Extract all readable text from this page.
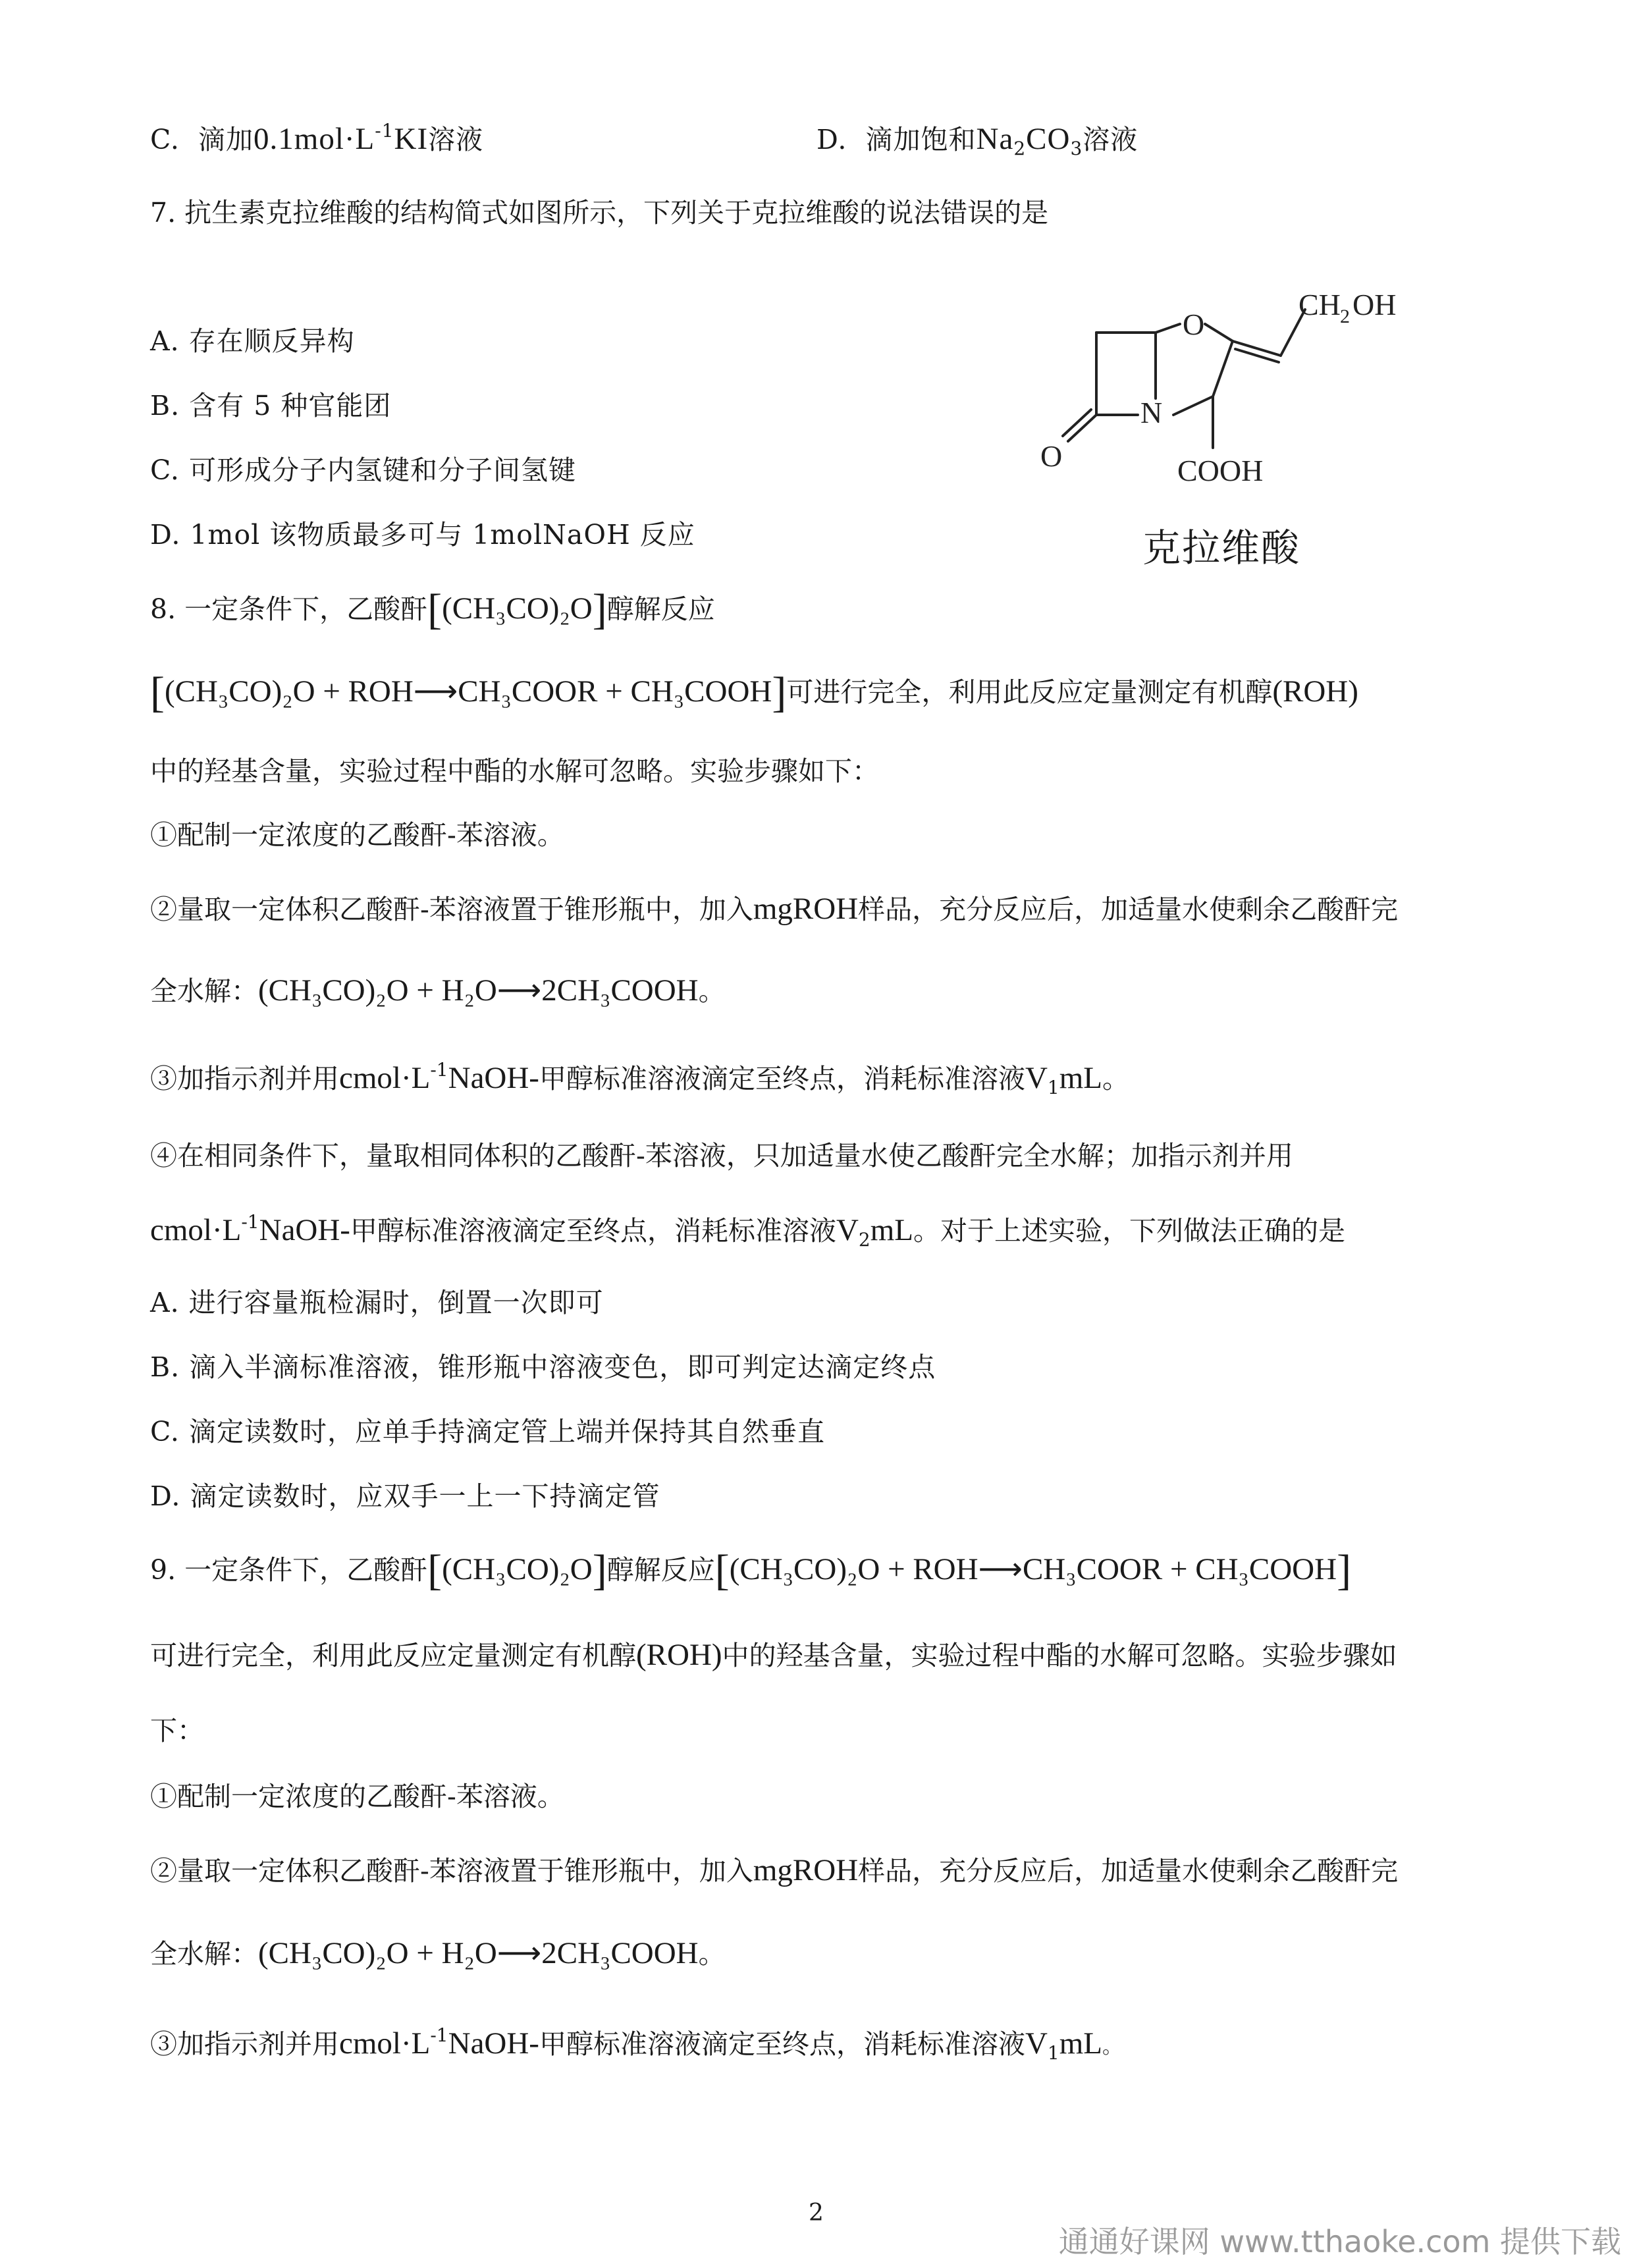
C. 滴加$0.1mol\cdot L^{-1}KI$溶液	D. 滴加饱和$Na_2CO_3$溶液
7. 抗生素克拉维酸的结构简式如图所示，下列关于克拉维酸的说法错误的是
A. 存在顺反异构
B. 含有 5 种官能团
C. 可形成分子内氢键和分子间氢键
D. 1mol 该物质最多可与 1molNaOH 反应
O
N
O
CH 2 OH
COOH
克拉维酸
8. 一定条件下，乙酸酐[(CH₃CO)₂O]醇解反应
[(CH₃CO)₂O + ROH⟶CH₃COOR + CH₃COOH]可进行完全，利用此反应定量测定有机醇(ROH)
中的羟基含量，实验过程中酯的水解可忽略。实验步骤如下：
①配制一定浓度的乙酸酐-苯溶液。
②量取一定体积乙酸酐-苯溶液置于锥形瓶中，加入mgROH样品，充分反应后，加适量水使剩余乙酸酐完
全水解：(CH₃CO)₂O + H₂O⟶2CH₃COOH。
③加指示剂并用$cmol\cdot L^{-1}NaOH-$甲醇标准溶液滴定至终点，消耗标准溶液$V_1mL$。
④在相同条件下，量取相同体积的乙酸酐-苯溶液，只加适量水使乙酸酐完全水解；加指示剂并用
$cmol\cdot L^{-1}NaOH-$甲醇标准溶液滴定至终点，消耗标准溶液$V_2mL$。对于上述实验，下列做法正确的是
A. 进行容量瓶检漏时，倒置一次即可
B. 滴入半滴标准溶液，锥形瓶中溶液变色，即可判定达滴定终点
C. 滴定读数时，应单手持滴定管上端并保持其自然垂直
D. 滴定读数时，应双手一上一下持滴定管
9. 一定条件下，乙酸酐[(CH₃CO)₂O]醇解反应[(CH₃CO)₂O + ROH⟶CH₃COOR + CH₃COOH]
可进行完全，利用此反应定量测定有机醇(ROH)中的羟基含量，实验过程中酯的水解可忽略。实验步骤如
下：
①配制一定浓度的乙酸酐-苯溶液。
②量取一定体积乙酸酐-苯溶液置于锥形瓶中，加入mgROH样品，充分反应后，加适量水使剩余乙酸酐完
全水解：(CH₃CO)₂O + H₂O⟶2CH₃COOH。
③加指示剂并用$cmol\cdot L^{-1}NaOH-$甲醇标准溶液滴定至终点，消耗标准溶液$V_1mL$。
2
通通好课网 www.tthaoke.com 提供下载
